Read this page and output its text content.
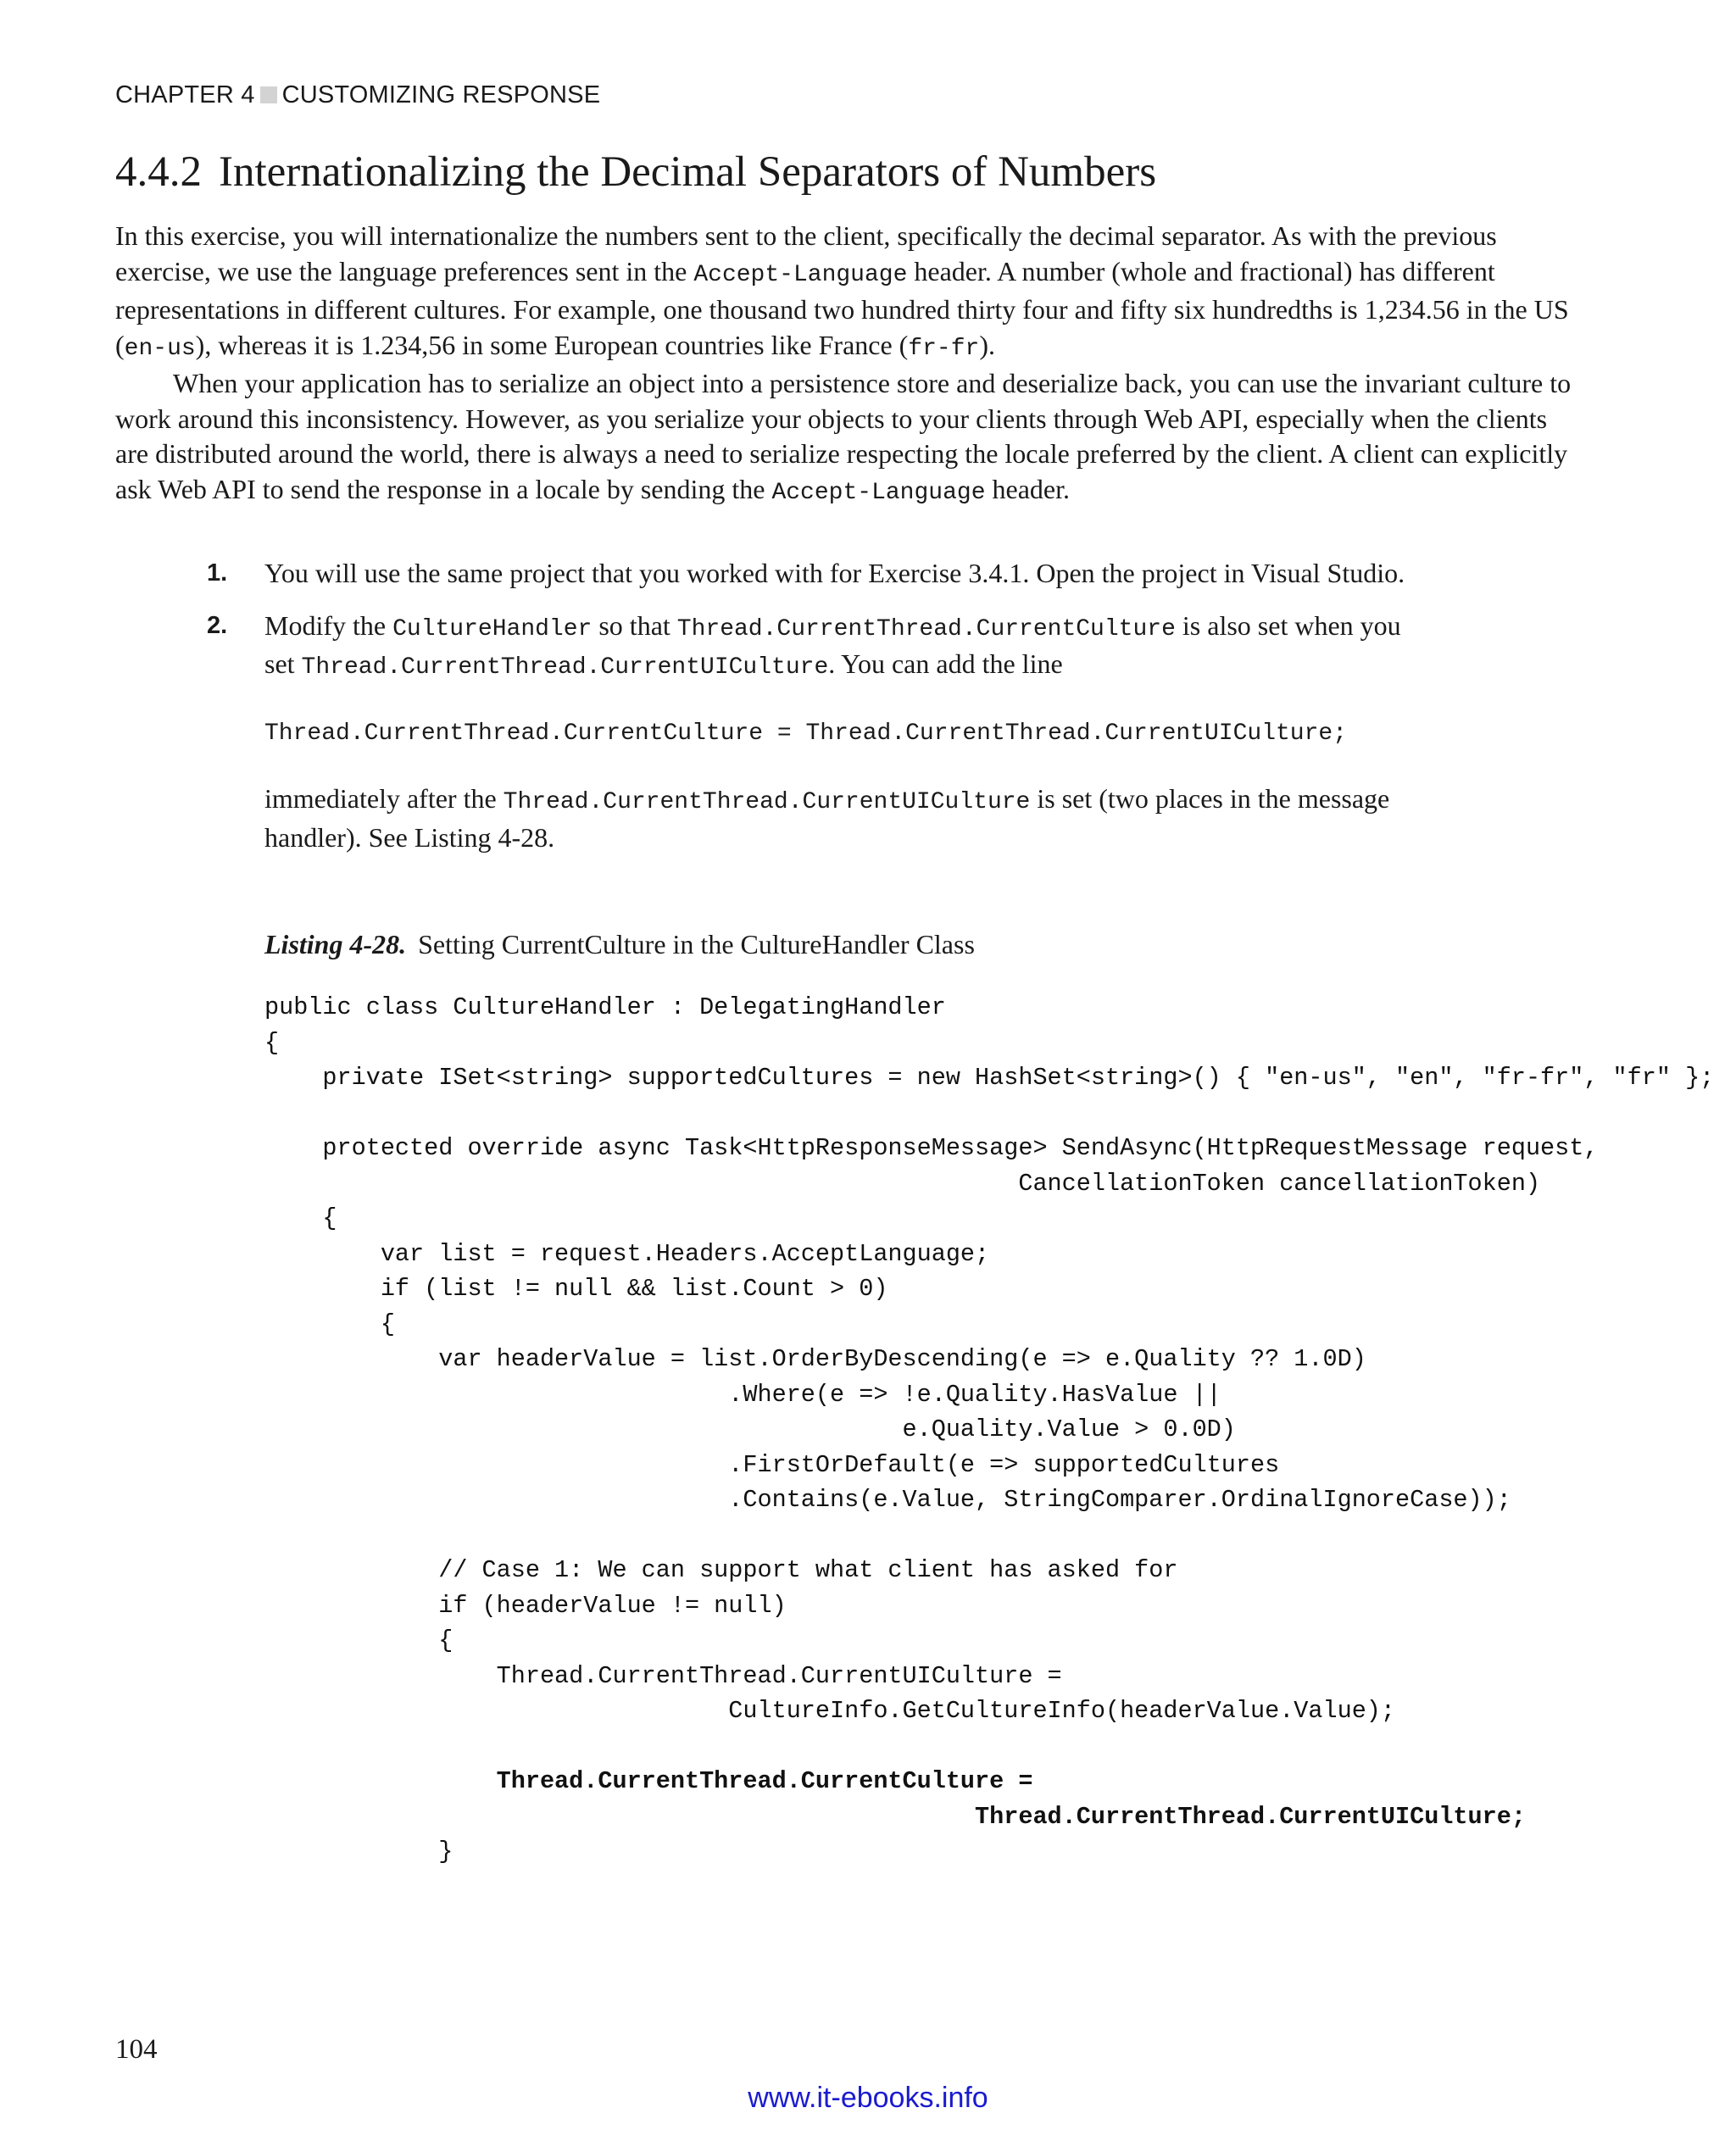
CHAPTER 4 CUSTOMIZING RESPONSE
4.4.2 Internationalizing the Decimal Separators of Numbers

In this exercise, you will internationalize the numbers sent to the client, specifically the decimal separator. As with the previous exercise, we use the language preferences sent in the Accept-Language header. A number (whole and fractional) has different representations in different cultures. For example, one thousand two hundred thirty four and fifty six hundredths is 1,234.56 in the US (en-us), whereas it is 1.234,56 in some European countries like France (fr-fr).

When your application has to serialize an object into a persistence store and deserialize back, you can use the invariant culture to work around this inconsistency. However, as you serialize your objects to your clients through Web API, especially when the clients are distributed around the world, there is always a need to serialize respecting the locale preferred by the client. A client can explicitly ask Web API to send the response in a locale by sending the Accept-Language header.

1. You will use the same project that you worked with for Exercise 3.4.1. Open the project in Visual Studio.
2. Modify the CultureHandler so that Thread.CurrentThread.CurrentCulture is also set when you set Thread.CurrentThread.CurrentUICulture. You can add the line
Thread.CurrentThread.CurrentCulture = Thread.CurrentThread.CurrentUICulture;
immediately after the Thread.CurrentThread.CurrentUICulture is set (two places in the message handler). See Listing 4-28.
Listing 4-28. Setting CurrentCulture in the CultureHandler Class
public class CultureHandler : DelegatingHandler
{
private ISet<string> supportedCultures = new HashSet<string>() { "en-us", "en", "fr-fr", "fr" };

protected override async Task<HttpResponseMessage> SendAsync(HttpRequestMessage request,
CancellationToken cancellationToken)
{
var list = request.Headers.AcceptLanguage;
if (list != null && list.Count > 0)
{
var headerValue = list.OrderByDescending(e => e.Quality ?? 1.0D)
.Where(e => !e.Quality.HasValue ||
e.Quality.Value > 0.0D)
.FirstOrDefault(e => supportedCultures
.Contains(e.Value, StringComparer.OrdinalIgnoreCase));

// Case 1: We can support what client has asked for
if (headerValue != null)
{
Thread.CurrentThread.CurrentUICulture =
CultureInfo.GetCultureInfo(headerValue.Value);

Thread.CurrentThread.CurrentCulture =
Thread.CurrentThread.CurrentUICulture;
}

104
www.it-ebooks.info
